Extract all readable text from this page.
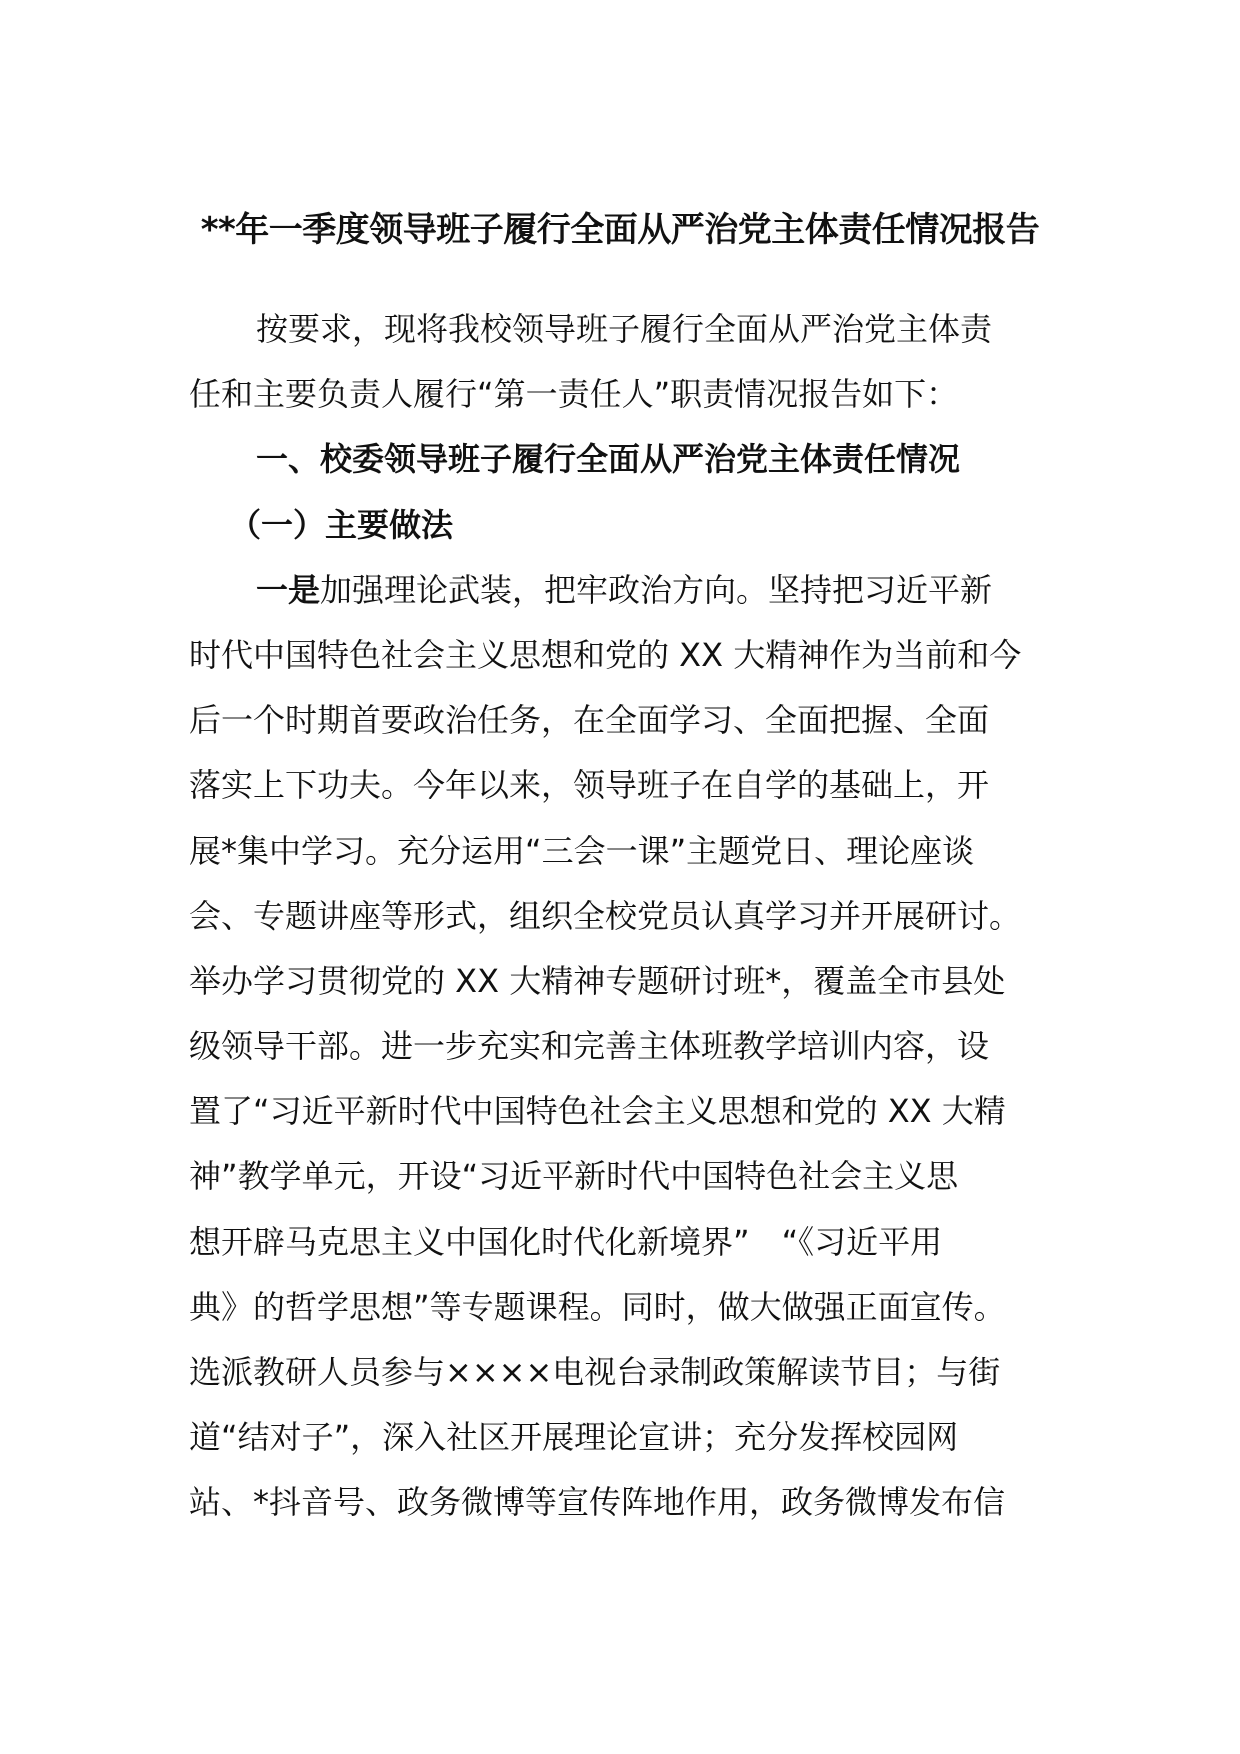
**年一季度领导班子履行全面从严治党主体责任情况报告
按要求，现将我校领导班子履行全面从严治党主体责
任和主要负责人履行“第一责任人”职责情况报告如下：
一、校委领导班子履行全面从严治党主体责任情况
（一）主要做法
一是加强理论武装，把牢政治方向。坚持把习近平新
时代中国特色社会主义思想和党的 XX 大精神作为当前和今
后一个时期首要政治任务，在全面学习、全面把握、全面
落实上下功夫。今年以来，领导班子在自学的基础上，开
展*集中学习。充分运用“三会一课”主题党日、理论座谈
会、专题讲座等形式，组织全校党员认真学习并开展研讨。
举办学习贯彻党的 XX 大精神专题研讨班*，覆盖全市县处
级领导干部。进一步充实和完善主体班教学培训内容，设
置了“习近平新时代中国特色社会主义思想和党的 XX 大精
神”教学单元，开设“习近平新时代中国特色社会主义思
想开辟马克思主义中国化时代化新境界”　“《习近平用
典》的哲学思想”等专题课程。同时，做大做强正面宣传。
选派教研人员参与××××电视台录制政策解读节目；与街
道“结对子”，深入社区开展理论宣讲；充分发挥校园网
站、*抖音号、政务微博等宣传阵地作用，政务微博发布信
